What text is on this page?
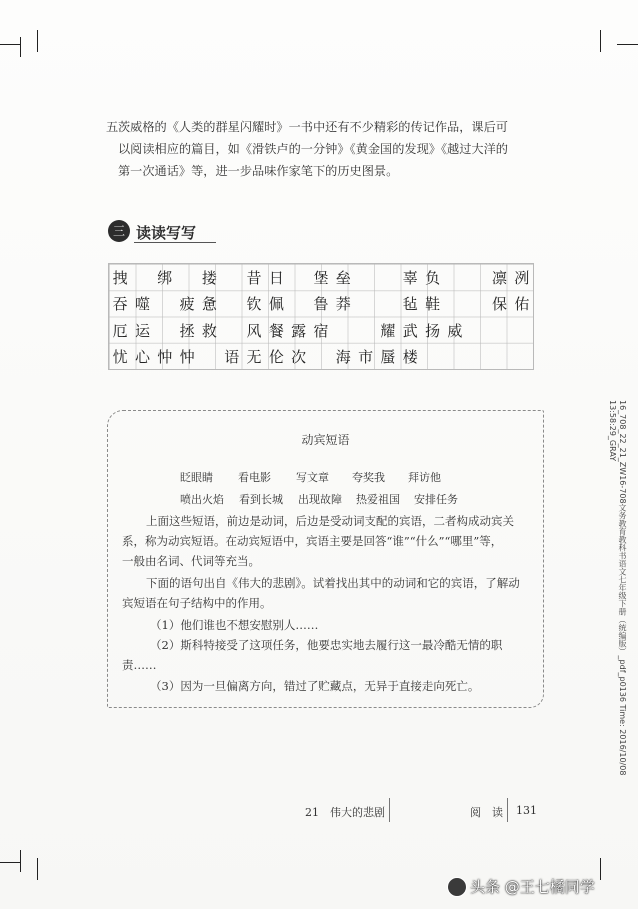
五 茨威格的《人类的群星闪耀时》一书中还有不少精彩的传记作品，课后可
以阅读相应的篇目，如《滑铁卢的一分钟》《黄金国的发现》《越过大洋的
第一次通话》等，进一步品味作家笔下的历史图景。
三 读读写写
拽	绑	搂	昔 日	堡 垒	辜 负	凛 冽
吞 噬	疲 惫	钦 佩	鲁 莽	毡 鞋	保 佑
厄 运	拯 救	风 餐 露 宿	耀 武 扬 威
忧 心 忡 忡	语 无 伦 次	海 市 蜃 楼
动宾短语
眨眼睛 看电影 写文章 夸奖我 拜访他
喷出火焰 看到长城 出现故障 热爱祖国 安排任务
上面这些短语，前边是动词，后边是受动词支配的宾语，二者构成动宾关
系，称为动宾短语。在动宾短语中，宾语主要是回答“谁”“什么”“哪里”等，
一般由名词、代词等充当。
下面的语句出自《伟大的悲剧》。试着找出其中的动词和它的宾语，了解动
宾短语在句子结构中的作用。
（1）他们谁也不想安慰别人……
（2）斯科特接受了这项任务，他要忠实地去履行这一最冷酷无情的职
责……
（3）因为一旦偏离方向，错过了贮藏点，无异于直接走向死亡。
21　伟大的悲剧	阅　读 131
16_708_22_21_ZW16-708文务教育教科书语文七年级下册（统编版）_pdf_p0136 Time: 2016/10/08 13:58:29_GRAY
头条 @王七橘同学
